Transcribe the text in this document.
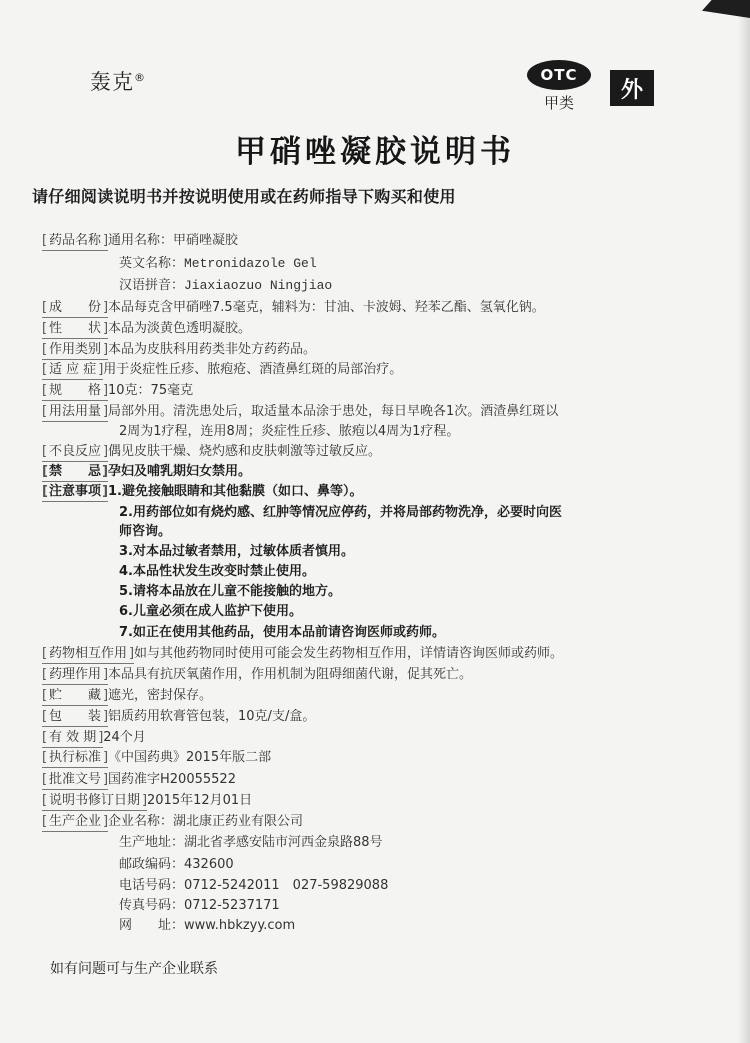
轰克®	OTC
甲类
外
甲硝唑凝胶说明书
请仔细阅读说明书并按说明使用或在药师指导下购买和使用
[ 药品名称 ]通用名称：甲硝唑凝胶
英文名称：Metronidazole Gel
汉语拼音：Jiaxiaozuo Ningjiao
[ 成　　份 ]本品每克含甲硝唑7.5毫克，辅料为：甘油、卡波姆、羟苯乙酯、氢氧化钠。
[ 性　　状 ]本品为淡黄色透明凝胶。
[ 作用类别 ]本品为皮肤科用药类非处方药药品。
[ 适 应 症 ]用于炎症性丘疹、脓疱疮、酒渣鼻红斑的局部治疗。
[ 规　　格 ]10克：75毫克
[ 用法用量 ]局部外用。清洗患处后，取适量本品涂于患处，每日早晚各1次。酒渣鼻红斑以
2周为1疗程，连用8周；炎症性丘疹、脓疱以4周为1疗程。
[ 不良反应 ]偶见皮肤干燥、烧灼感和皮肤刺激等过敏反应。
[禁　　忌]孕妇及哺乳期妇女禁用。
[注意事项]1.避免接触眼睛和其他黏膜（如口、鼻等）。
2.用药部位如有烧灼感、红肿等情况应停药，并将局部药物洗净，必要时向医
师咨询。
3.对本品过敏者禁用，过敏体质者慎用。
4.本品性状发生改变时禁止使用。
5.请将本品放在儿童不能接触的地方。
6.儿童必须在成人监护下使用。
7.如正在使用其他药品，使用本品前请咨询医师或药师。
[ 药物相互作用 ]如与其他药物同时使用可能会发生药物相互作用，详情请咨询医师或药师。
[ 药理作用 ]本品具有抗厌氧菌作用，作用机制为阻碍细菌代谢，促其死亡。
[ 贮　　藏 ]遮光，密封保存。
[ 包　　装 ]铝质药用软膏管包装，10克/支/盒。
[ 有 效 期 ]24个月
[ 执行标准 ]《中国药典》2015年版二部
[ 批准文号 ]国药准字H20055522
[ 说明书修订日期 ]2015年12月01日
[ 生产企业 ]企业名称：湖北康正药业有限公司
生产地址：湖北省孝感安陆市河西金泉路88号
邮政编码：432600
电话号码：0712-5242011　027-59829088
传真号码：0712-5237171
网　　址：www.hbkzyy.com
如有问题可与生产企业联系
